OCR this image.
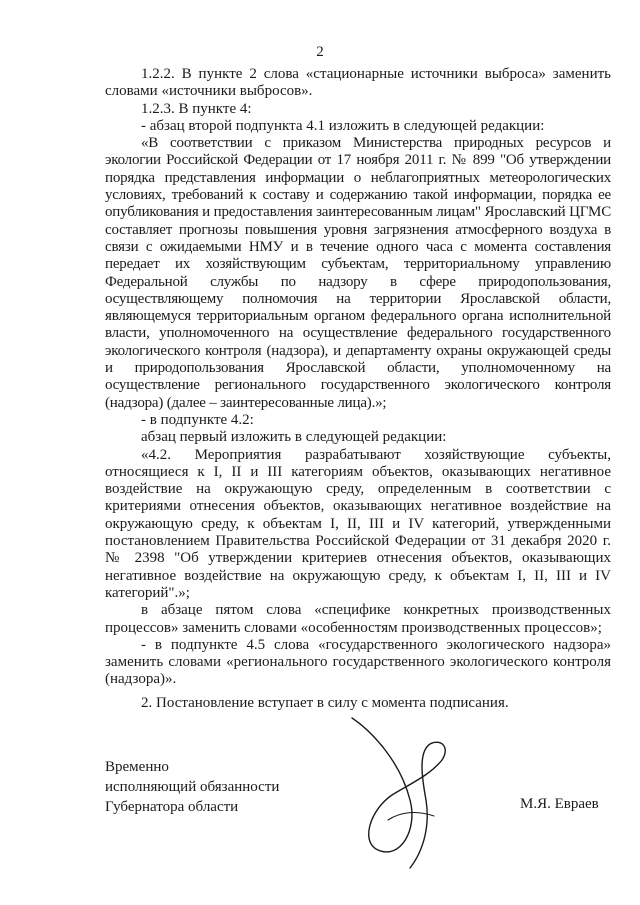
2

1.2.2. В пункте 2 слова «стационарные источники выброса» заменить словами «источники выбросов».

1.2.3. В пункте 4:

- абзац второй подпункта 4.1 изложить в следующей редакции:

«В соответствии с приказом Министерства природных ресурсов и экологии Российской Федерации от 17 ноября 2011 г. № 899 "Об утверждении порядка представления информации о неблагоприятных метеорологических условиях, требований к составу и содержанию такой информации, порядка ее опубликования и предоставления заинтересованным лицам" Ярославский ЦГМС составляет прогнозы повышения уровня загрязнения атмосферного воздуха в связи с ожидаемыми НМУ и в течение одного часа с момента составления передает их хозяйствующим субъектам, территориальному управлению Федеральной службы по надзору в сфере природопользования, осуществляющему полномочия на территории Ярославской области, являющемуся территориальным органом федерального органа исполнительной власти, уполномоченного на осуществление федерального государственного экологического контроля (надзора), и департаменту охраны окружающей среды и природопользования Ярославской области, уполномоченному на осуществление регионального государственного экологического контроля (надзора) (далее – заинтересованные лица).»;

- в подпункте 4.2:

абзац первый изложить в следующей редакции:

«4.2. Мероприятия разрабатывают хозяйствующие субъекты, относящиеся к I, II и III категориям объектов, оказывающих негативное воздействие на окружающую среду, определенным в соответствии с критериями отнесения объектов, оказывающих негативное воздействие на окружающую среду, к объектам I, II, III и IV категорий, утвержденными постановлением Правительства Российской Федерации от 31 декабря 2020 г. № 2398 "Об утверждении критериев отнесения объектов, оказывающих негативное воздействие на окружающую среду, к объектам I, II, III и IV категорий".»;

в абзаце пятом слова «специфике конкретных производственных процессов» заменить словами «особенностям производственных процессов»;

- в подпункте 4.5 слова «государственного экологического надзора» заменить словами «регионального государственного экологического контроля (надзора)».

2. Постановление вступает в силу с момента подписания.

Временно
исполняющий обязанности
Губернатора области	М.Я. Евраев
